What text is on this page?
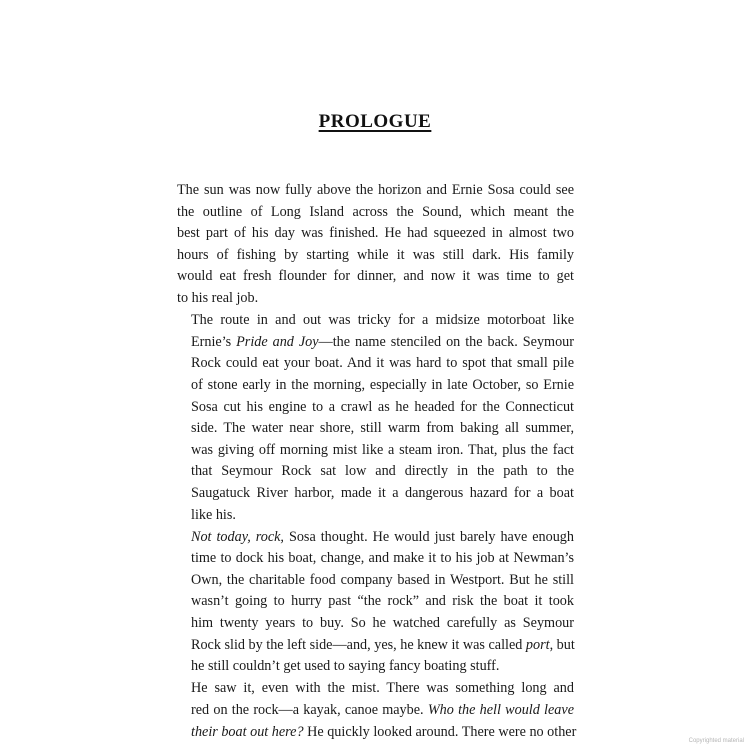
PROLOGUE

The sun was now fully above the horizon and Ernie Sosa could see
the outline of Long Island across the Sound, which meant the
best part of his day was finished. He had squeezed in almost two
hours of fishing by starting while it was still dark. His family
would eat fresh flounder for dinner, and now it was time to get
to his real job.

The route in and out was tricky for a midsize motorboat like
Ernie’s Pride and Joy—the name stenciled on the back. Seymour
Rock could eat your boat. And it was hard to spot that small pile
of stone early in the morning, especially in late October, so Ernie
Sosa cut his engine to a crawl as he headed for the Connecticut
side. The water near shore, still warm from baking all summer,
was giving off morning mist like a steam iron. That, plus the fact
that Seymour Rock sat low and directly in the path to the
Saugatuck River harbor, made it a dangerous hazard for a boat
like his.

Not today, rock, Sosa thought. He would just barely have enough
time to dock his boat, change, and make it to his job at Newman’s
Own, the charitable food company based in Westport. But he still
wasn’t going to hurry past “the rock” and risk the boat it took
him twenty years to buy. So he watched carefully as Seymour
Rock slid by the left side—and, yes, he knew it was called port, but
he still couldn’t get used to saying fancy boating stuff.

He saw it, even with the mist. There was something long and
red on the rock—a kayak, canoe maybe. Who the hell would leave
their boat out here? He quickly looked around. There were no other

Copyrighted material
